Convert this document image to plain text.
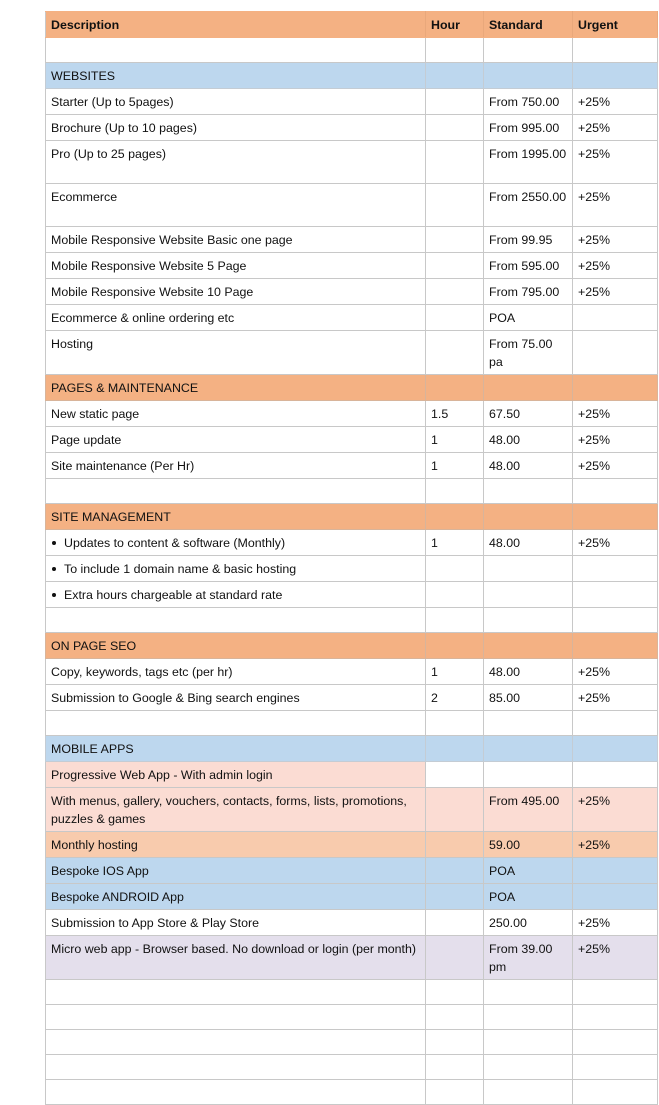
Description	Hour	Standard	Urgent

WEBSITES			
Starter (Up to 5pages)		From 750.00	+25%
Brochure (Up to 10 pages)		From 995.00	+25%
Pro (Up to 25 pages)		From 1995.00	+25%
Ecommerce		From 2550.00	+25%
Mobile Responsive Website Basic one page		From 99.95	+25%
Mobile Responsive Website 5 Page		From 595.00	+25%
Mobile Responsive Website 10 Page		From 795.00	+25%
Ecommerce & online ordering etc		POA	
Hosting		From 75.00 pa	
PAGES & MAINTENANCE			
New static page	1.5	67.50	+25%
Page update	1	48.00	+25%
Site maintenance (Per Hr)	1	48.00	+25%

SITE MANAGEMENT			
Updates to content & software (Monthly)	1	48.00	+25%
To include 1 domain name & basic hosting			
Extra hours chargeable at standard rate			

ON PAGE SEO			
Copy, keywords, tags etc (per hr)	1	48.00	+25%
Submission to Google & Bing search engines	2	85.00	+25%

MOBILE APPS			
Progressive Web App - With admin login			
With menus, gallery, vouchers, contacts, forms, lists, promotions, puzzles & games		From 495.00	+25%
Monthly hosting		59.00	+25%
Bespoke IOS App		POA	
Bespoke ANDROID App		POA	
Submission to App Store & Play Store		250.00	+25%
Micro web app - Browser based. No download or login (per month)		From 39.00 pm	+25%
